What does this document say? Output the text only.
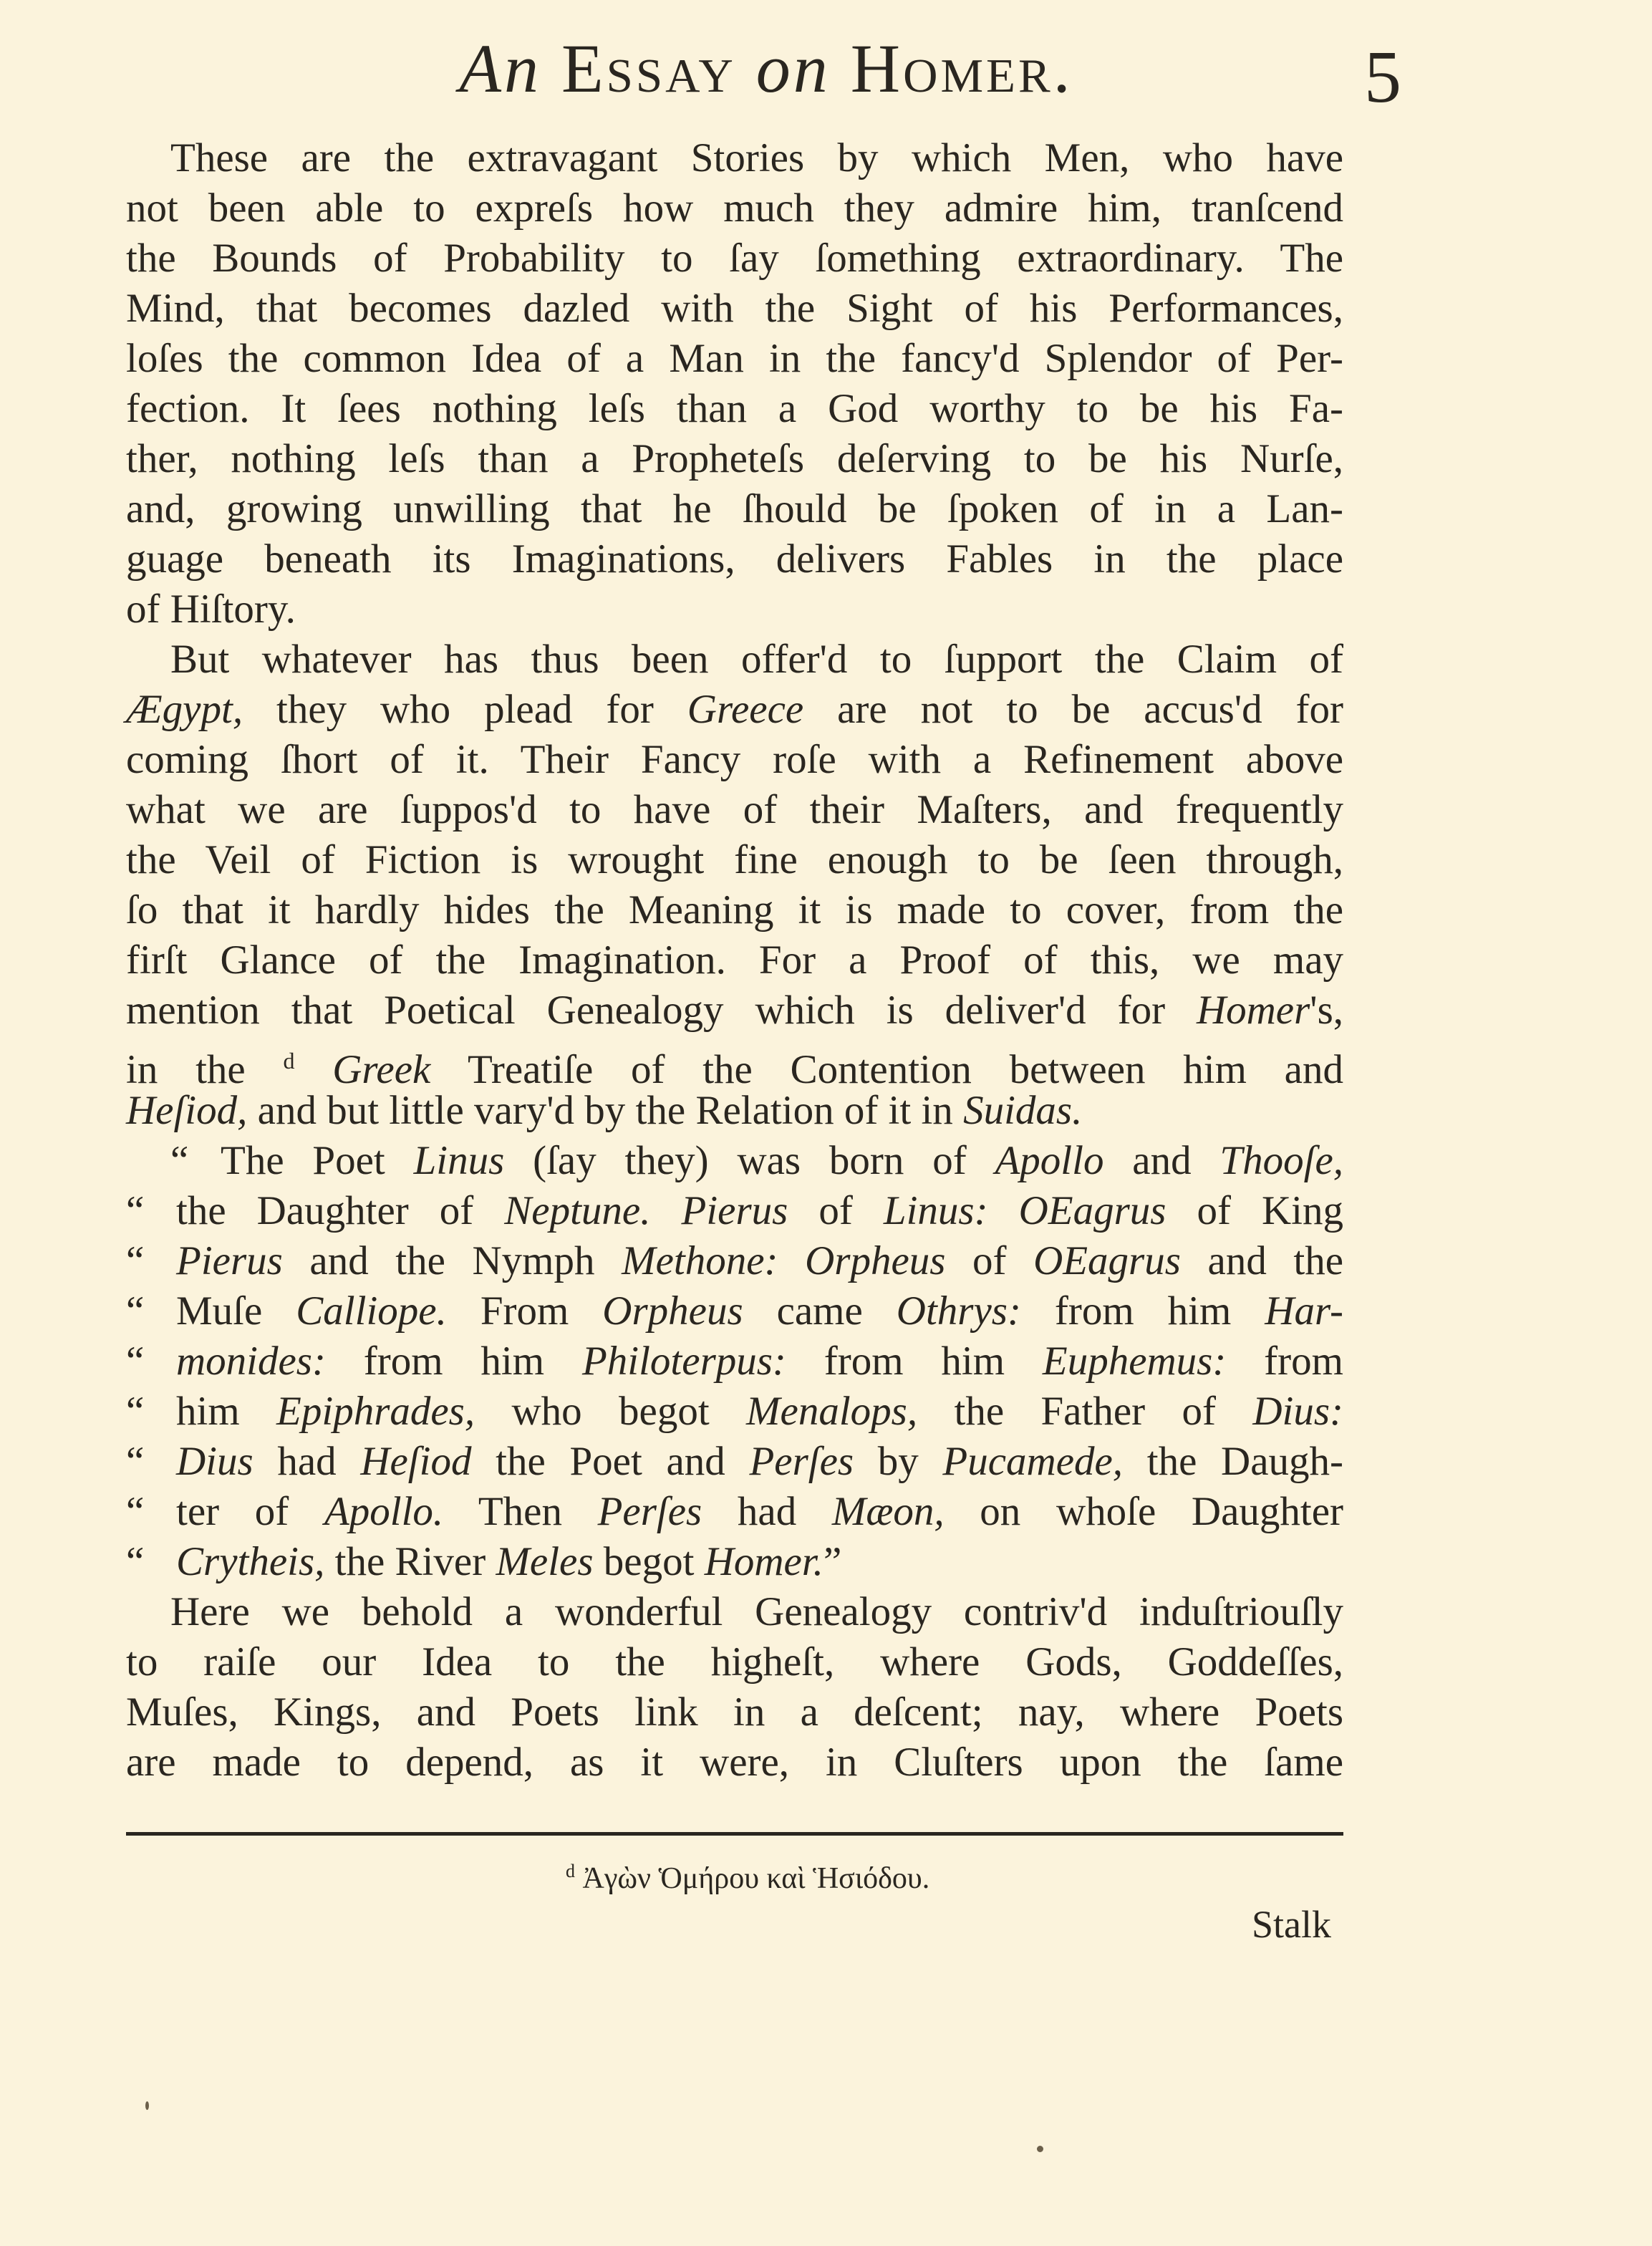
An Essay on Homer.	5
These are the extravagant Stories by which Men, who have
not been able to expreſs how much they admire him, tranſcend
the Bounds of Probability to ſay ſomething extraordinary. The
Mind, that becomes dazled with the Sight of his Performances,
loſes the common Idea of a Man in the fancy'd Splendor of Per-
fection. It ſees nothing leſs than a God worthy to be his Fa-
ther, nothing leſs than a Propheteſs deſerving to be his Nurſe,
and, growing unwilling that he ſhould be ſpoken of in a Lan-
guage beneath its Imaginations, delivers Fables in the place
of Hiſtory.
But whatever has thus been offer'd to ſupport the Claim of
Ægypt, they who plead for Greece are not to be accus'd for
coming ſhort of it. Their Fancy roſe with a Refinement above
what we are ſuppos'd to have of their Maſters, and frequently
the Veil of Fiction is wrought fine enough to be ſeen through,
ſo that it hardly hides the Meaning it is made to cover, from the
firſt Glance of the Imagination. For a Proof of this, we may
mention that Poetical Genealogy which is deliver'd for Homer's,
in the $^d$ Greek Treatiſe of the Contention between him and
Heſiod, and but little vary'd by the Relation of it in Suidas.
“ The Poet Linus (ſay they) was born of Apollo and Thooſe,
“ the Daughter of Neptune. Pierus of Linus: OEagrus of King
“ Pierus and the Nymph Methone: Orpheus of OEagrus and the
“ Muſe Calliope. From Orpheus came Othrys: from him Har-
“ monides: from him Philoterpus: from him Euphemus: from
“ him Epiphrades, who begot Menalops, the Father of Dius:
“ Dius had Heſiod the Poet and Perſes by Pucamede, the Daugh-
“ ter of Apollo. Then Perſes had Mæon, on whoſe Daughter
“ Crytheis, the River Meles begot Homer.”
Here we behold a wonderful Genealogy contriv'd induſtriouſly
to raiſe our Idea to the higheſt, where Gods, Goddeſſes,
Muſes, Kings, and Poets link in a deſcent; nay, where Poets
are made to depend, as it were, in Cluſters upon the ſame
$^d$ Ἀγὼν Ὁμήρου καὶ Ἡσιόδου.
Stalk
